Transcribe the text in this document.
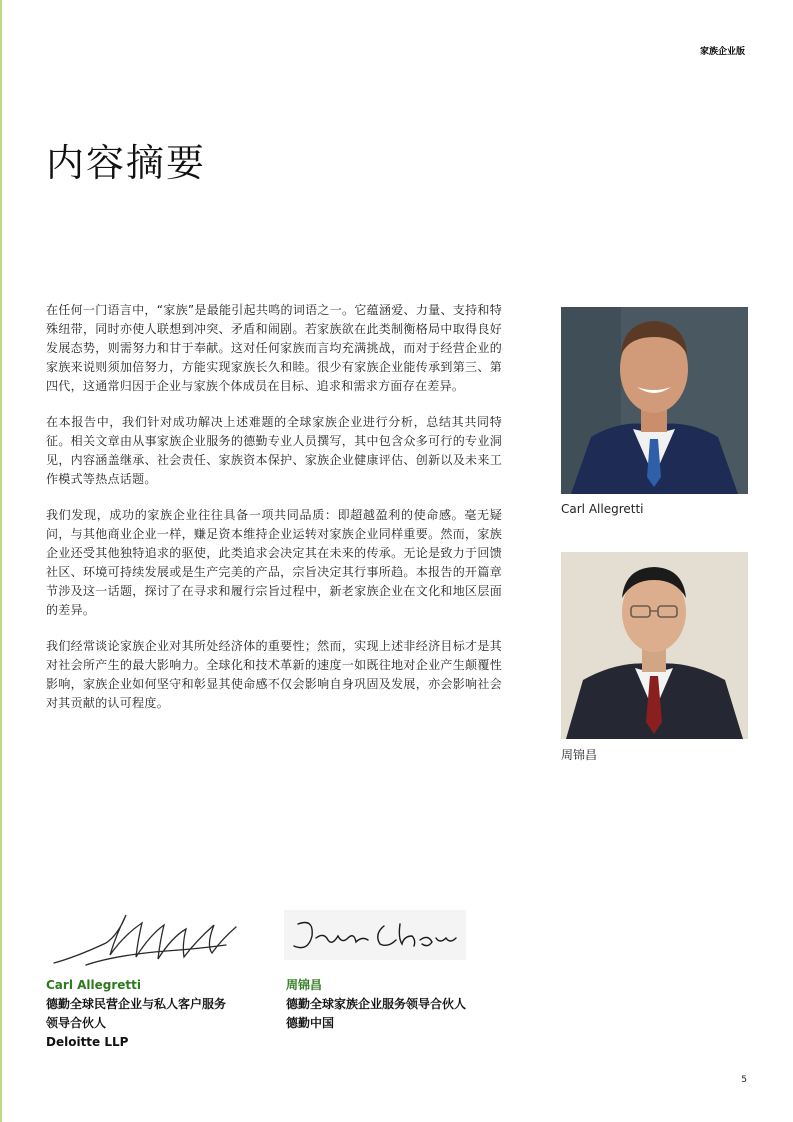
家族企业版
内容摘要

在任何一门语言中，“家族”是最能引起共鸣的词语之一。它蕴涵爱、力量、支持和特殊纽带，同时亦使人联想到冲突、矛盾和闹剧。若家族欲在此类制衡格局中取得良好发展态势，则需努力和甘于奉献。这对任何家族而言均充满挑战，而对于经营企业的家族来说则须加倍努力，方能实现家族长久和睦。很少有家族企业能传承到第三、第四代，这通常归因于企业与家族个体成员在目标、追求和需求方面存在差异。

在本报告中，我们针对成功解决上述难题的全球家族企业进行分析，总结其共同特征。相关文章由从事家族企业服务的德勤专业人员撰写，其中包含众多可行的专业洞见，内容涵盖继承、社会责任、家族资本保护、家族企业健康评估、创新以及未来工作模式等热点话题。

我们发现，成功的家族企业往往具备一项共同品质：即超越盈利的使命感。毫无疑问，与其他商业企业一样，赚足资本维持企业运转对家族企业同样重要。然而，家族企业还受其他独特追求的驱使，此类追求会决定其在未来的传承。无论是致力于回馈社区、环境可持续发展或是生产完美的产品，宗旨决定其行事所趋。本报告的开篇章节涉及这一话题，探讨了在寻求和履行宗旨过程中，新老家族企业在文化和地区层面的差异。

我们经常谈论家族企业对其所处经济体的重要性；然而，实现上述非经济目标才是其对社会所产生的最大影响力。全球化和技术革新的速度一如既往地对企业产生颠覆性影响，家族企业如何坚守和彰显其使命感不仅会影响自身巩固及发展，亦会影响社会对其贡献的认可程度。

Carl Allegretti
周锦昌
Carl Allegretti
德勤全球民营企业与私人客户服务
领导合伙人
Deloitte LLP
周锦昌
德勤全球家族企业服务领导合伙人
德勤中国
5
